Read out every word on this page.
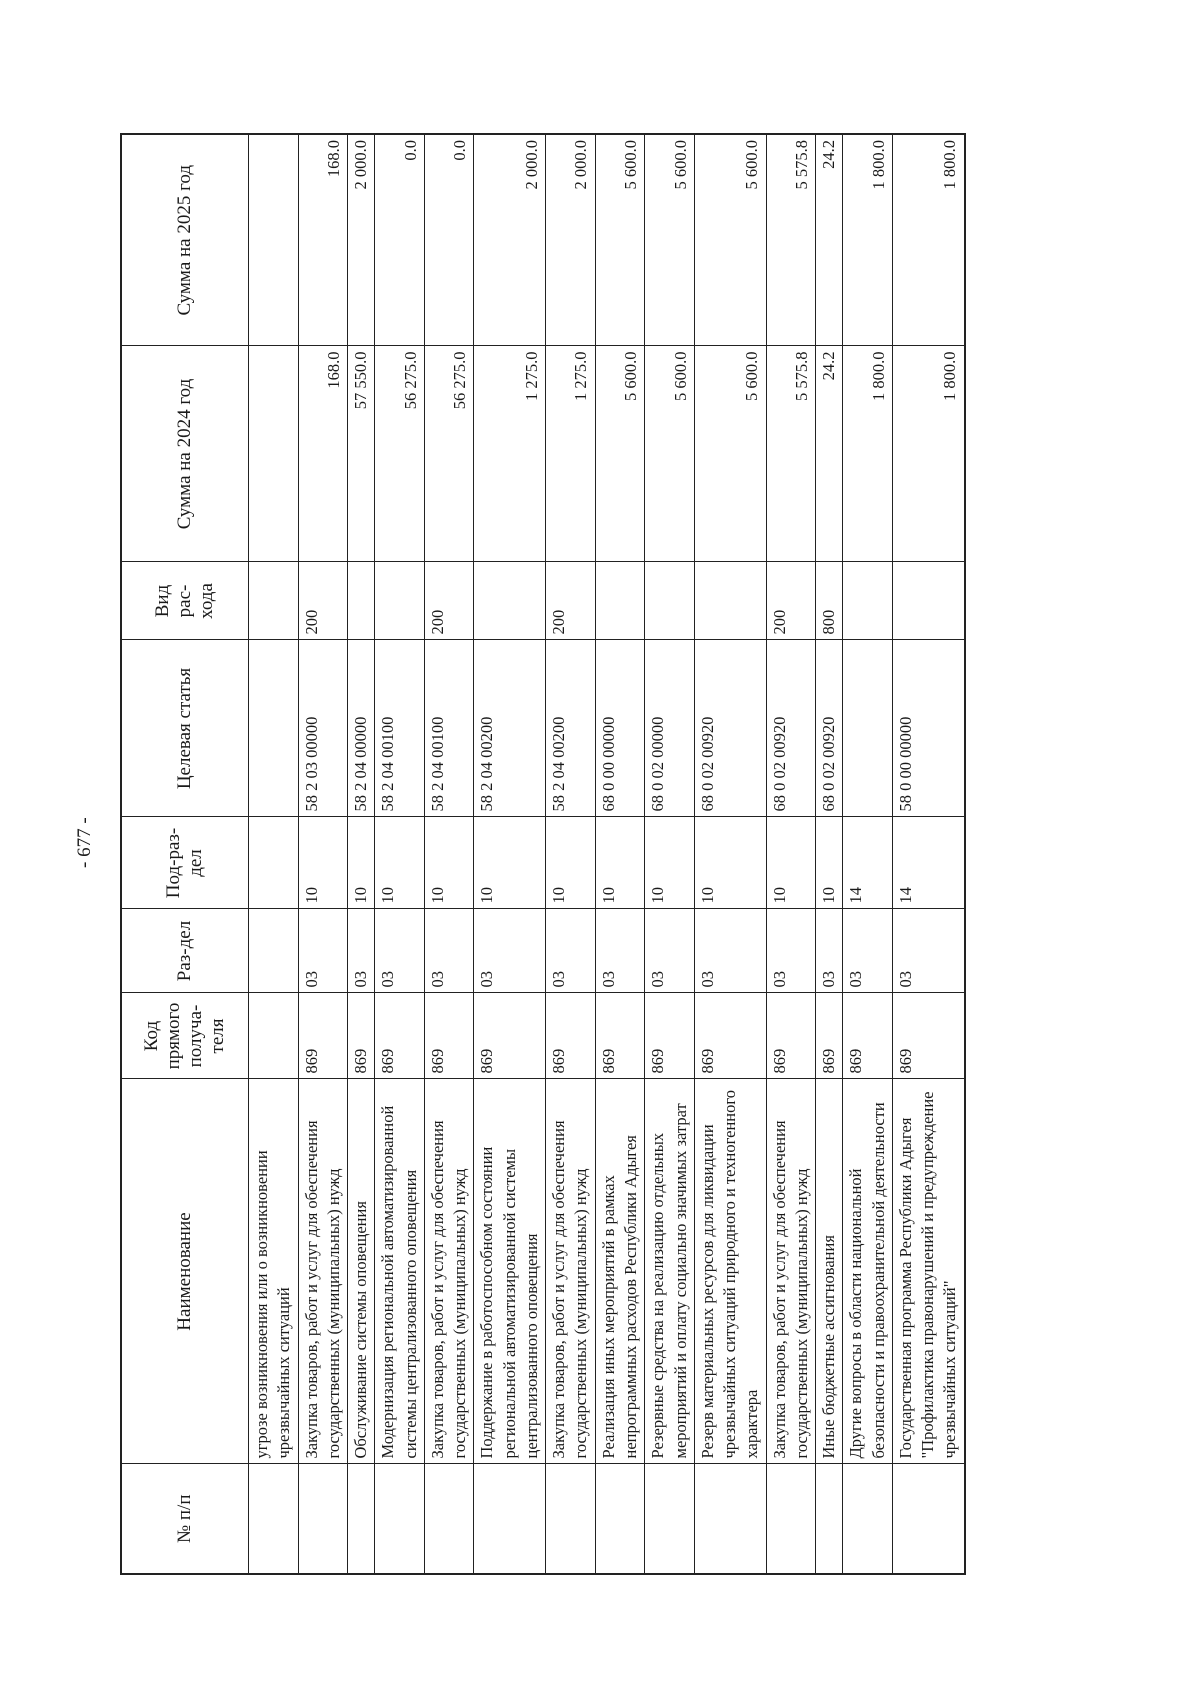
- 677 -
№ п/п	Наименование	Код прямого получа-теля	Раз-дел	Под-раз-дел	Целевая статья	Вид рас-хода	Сумма на 2024 год	Сумма на 2025 год
	угрозе возникновения или о возникновении чрезвычайных ситуаций							
	Закупка товаров, работ и услуг для обеспечения государственных (муниципальных) нужд	869	03	10	58 2 03 00000	200	168.0	168.0
	Обслуживание системы оповещения	869	03	10	58 2 04 00000		57 550.0	2 000.0
	Модернизация региональной автоматизированной системы централизованного оповещения	869	03	10	58 2 04 00100		56 275.0	0.0
	Закупка товаров, работ и услуг для обеспечения государственных (муниципальных) нужд	869	03	10	58 2 04 00100	200	56 275.0	0.0
	Поддержание в работоспособном состоянии региональной автоматизированной системы централизованного оповещения	869	03	10	58 2 04 00200		1 275.0	2 000.0
	Закупка товаров, работ и услуг для обеспечения государственных (муниципальных) нужд	869	03	10	58 2 04 00200	200	1 275.0	2 000.0
	Реализация иных мероприятий в рамках непрограммных расходов Республики Адыгея	869	03	10	68 0 00 00000		5 600.0	5 600.0
	Резервные средства на реализацию отдельных мероприятий и оплату социально значимых затрат	869	03	10	68 0 02 00000		5 600.0	5 600.0
	Резерв материальных ресурсов для ликвидации чрезвычайных ситуаций природного и техногенного характера	869	03	10	68 0 02 00920		5 600.0	5 600.0
	Закупка товаров, работ и услуг для обеспечения государственных (муниципальных) нужд	869	03	10	68 0 02 00920	200	5 575.8	5 575.8
	Иные бюджетные ассигнования	869	03	10	68 0 02 00920	800	24.2	24.2
	Другие вопросы в области национальной безопасности и правоохранительной деятельности	869	03	14			1 800.0	1 800.0
	Государственная программа Республики Адыгея "Профилактика правонарушений и предупреждение чрезвычайных ситуаций"	869	03	14	58 0 00 00000		1 800.0	1 800.0
